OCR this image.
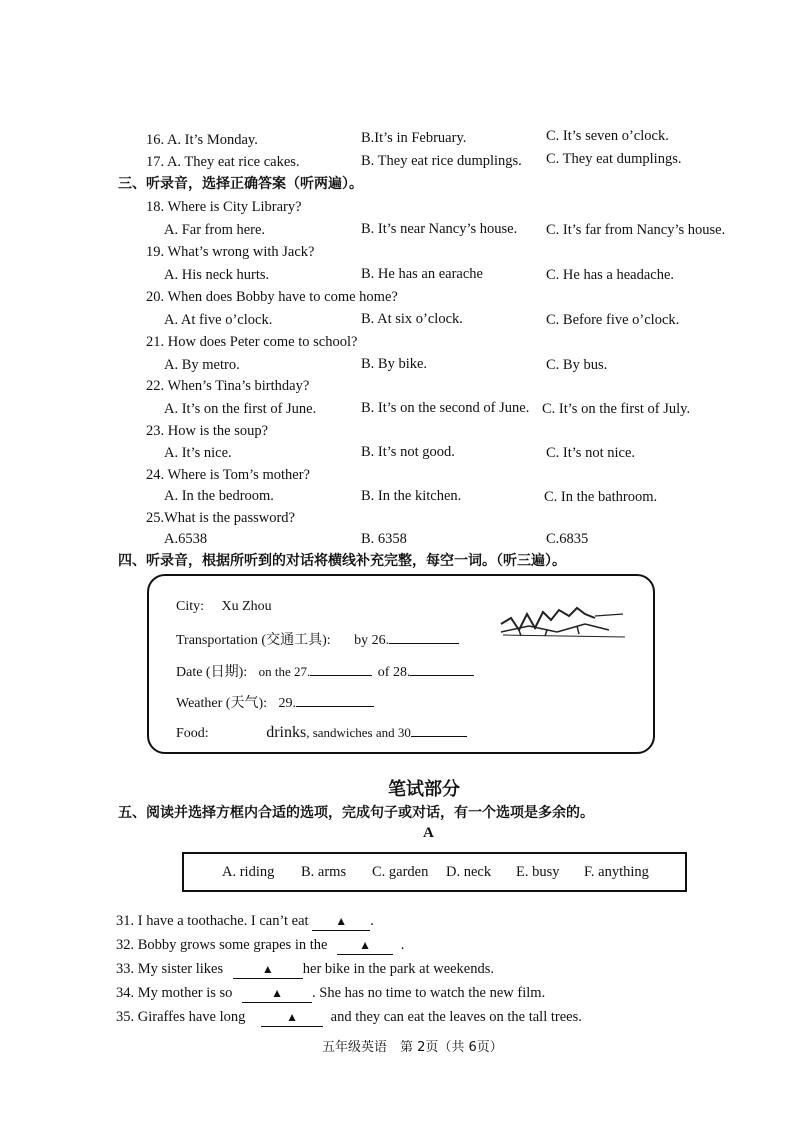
16. A. It’s Monday.	B.It’s in February.	C. It’s seven o’clock.
17. A. They eat rice cakes.	B. They eat rice dumplings. C. They eat dumplings.
三、听录音，选择正确答案（听两遍）。
18. Where is City Library?
A. Far from here.	B. It’s near Nancy’s house. C. It’s far from Nancy’s house.
19. What’s wrong with Jack?
A. His neck hurts.	B. He has an earache	C. He has a headache.
20. When does Bobby have to come home?
A. At five o’clock.	B. At six o’clock.	C. Before five o’clock.
21. How does Peter come to school?
A. By metro.	B. By bike.	C. By bus.
22. When’s Tina’s birthday?
A. It’s on the first of June.	B. It’s on the second of June. C. It’s on the first of July.
23. How is the soup?
A. It’s nice.	B. It’s not good.	C. It’s not nice.
24. Where is Tom’s mother?
A. In the bedroom.	B. In the kitchen.	C. In the bathroom.
25.What is the password?
A.6538	B. 6358	C.6835
四、听录音，根据所听到的对话将横线补充完整，每空一词。（听三遍）。
City: Xu Zhou
Transportation (交通工具): by 26.
Date (日期): on the 27.	of 28.
Weather (天气): 29.
Food:	drinks, sandwiches and 30
笔试部分
五、阅读并选择方框内合适的选项，完成句子或对话，有一个选项是多余的。
A
A. riding B. arms C. garden D. neck E. busy F. anything
31. I have a toothache. I can’t eat ▲ .
32. Bobby grows some grapes in the	▲ .
33. My sister likes	▲ her bike in the park at weekends.
34. My mother is so	▲ . She has no time to watch the new film.
35. Giraffes have long	▲ and they can eat the leaves on the tall trees.
五年级英语　第 2页（共 6页）
